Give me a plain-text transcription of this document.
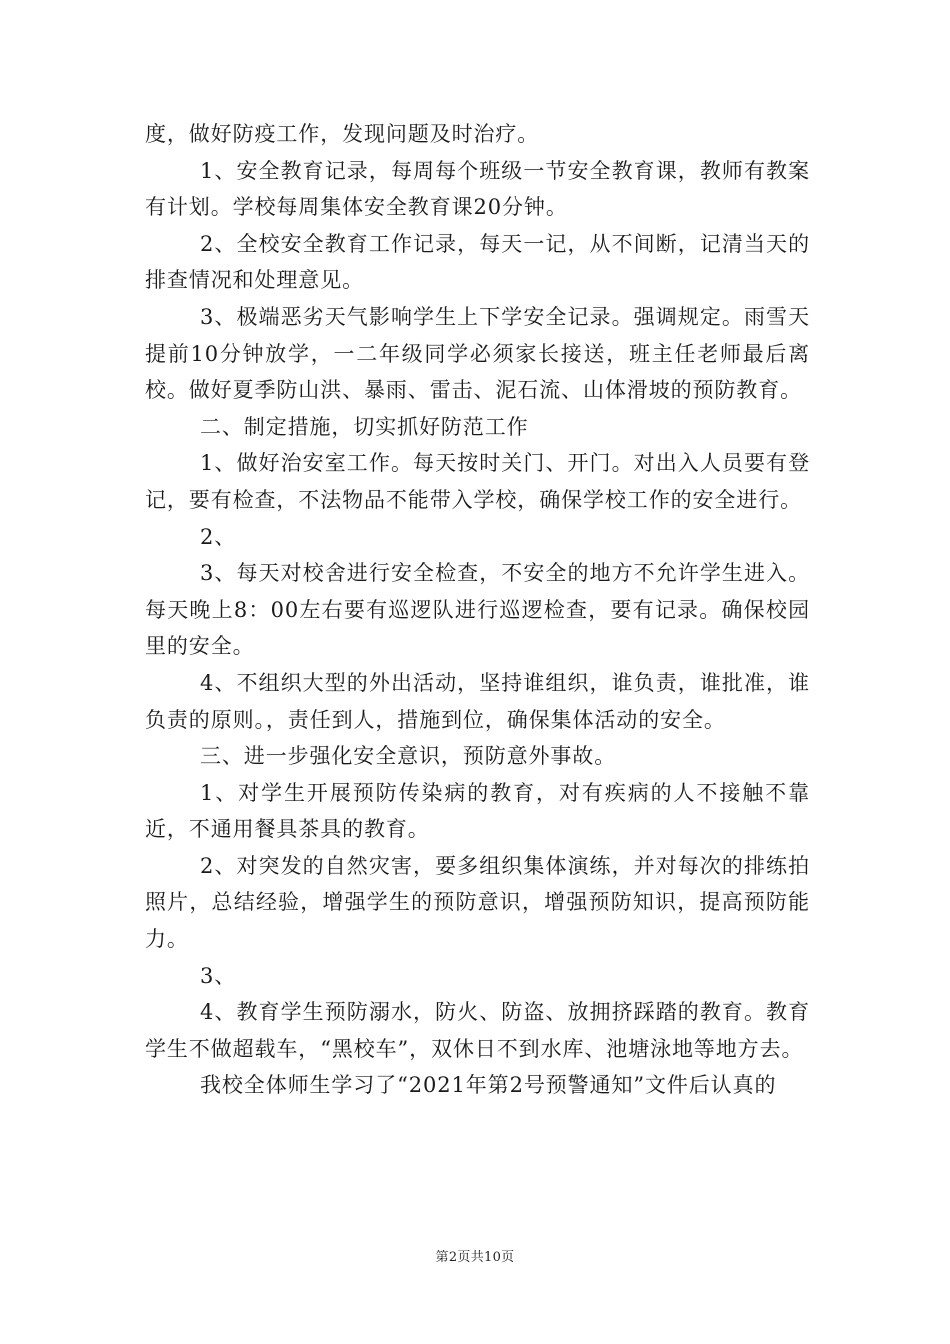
度，做好防疫工作，发现问题及时治疗。

1、安全教育记录，每周每个班级一节安全教育课，教师有教案有计划。学校每周集体安全教育课20分钟。

2、全校安全教育工作记录，每天一记，从不间断，记清当天的排查情况和处理意见。

3、极端恶劣天气影响学生上下学安全记录。强调规定。雨雪天提前10分钟放学，一二年级同学必须家长接送，班主任老师最后离校。做好夏季防山洪、暴雨、雷击、泥石流、山体滑坡的预防教育。

二、制定措施，切实抓好防范工作

1、做好治安室工作。每天按时关门、开门。对出入人员要有登记，要有检查，不法物品不能带入学校，确保学校工作的安全进行。

2、

3、每天对校舍进行安全检查，不安全的地方不允许学生进入。每天晚上8：00左右要有巡逻队进行巡逻检查，要有记录。确保校园里的安全。

4、不组织大型的外出活动，坚持谁组织，谁负责，谁批准，谁负责的原则。，责任到人，措施到位，确保集体活动的安全。

三、进一步强化安全意识，预防意外事故。

1、对学生开展预防传染病的教育，对有疾病的人不接触不靠近，不通用餐具茶具的教育。

2、对突发的自然灾害，要多组织集体演练，并对每次的排练拍照片，总结经验，增强学生的预防意识，增强预防知识，提高预防能力。

3、

4、教育学生预防溺水，防火、防盗、放拥挤踩踏的教育。教育学生不做超载车，“黑校车”，双休日不到水库、池塘泳地等地方去。

我校全体师生学习了“2021年第2号预警通知”文件后认真的

第2页共10页
